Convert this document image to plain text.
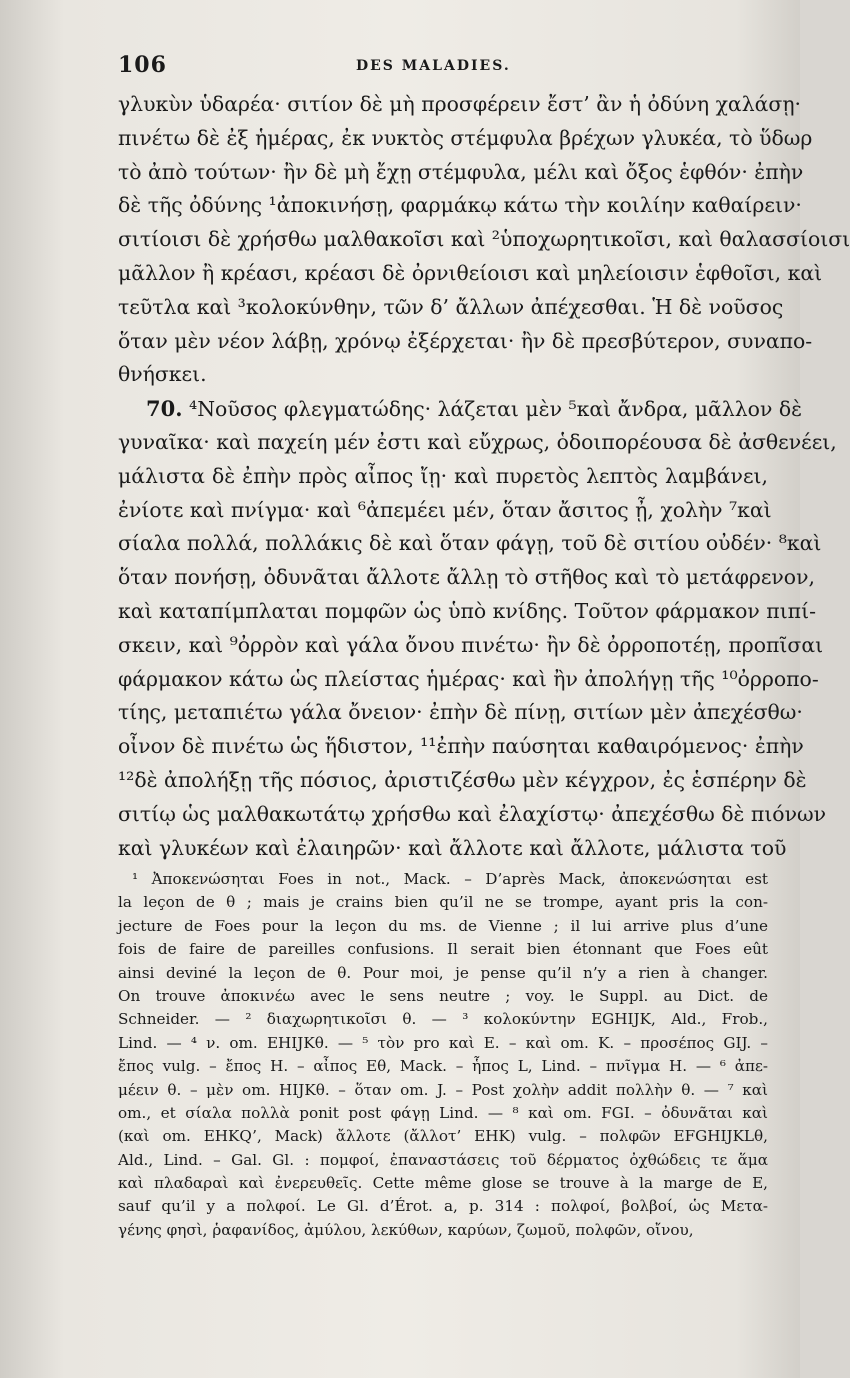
106	DES MALADIES.
γλυκὺν ὑδαρέα· σιτίον δὲ μὴ προσφέρειν ἔστ’ ἂν ἡ ὀδύνη χαλάσῃ·
πινέτω δὲ ἐξ ἡμέρας, ἐκ νυκτὸς στέμφυλα βρέχων γλυκέα, τὸ ὕδωρ
τὸ ἀπὸ τούτων· ἢν δὲ μὴ ἔχῃ στέμφυλα, μέλι καὶ ὄξος ἑφθόν· ἐπὴν
δὲ τῆς ὀδύνης ¹ἀποκινήσῃ, φαρμάκῳ κάτω τὴν κοιλίην καθαίρειν·
σιτίοισι δὲ χρήσθω μαλθακοῖσι καὶ ²ὑποχωρητικοῖσι, καὶ θαλασσίοισι
μᾶλλον ἢ κρέασι, κρέασι δὲ ὀρνιθείοισι καὶ μηλείοισιν ἑφθοῖσι, καὶ
τεῦτλα καὶ ³κολοκύνθην, τῶν δ’ ἄλλων ἀπέχεσθαι. Ἡ δὲ νοῦσος
ὅταν μὲν νέον λάβῃ, χρόνῳ ἐξέρχεται· ἢν δὲ πρεσβύτερον, συναπο-
θνήσκει.
70. ⁴Νοῦσος φλεγματώδης· λάζεται μὲν ⁵καὶ ἄνδρα, μᾶλλον δὲ
γυναῖκα· καὶ παχείη μέν ἐστι καὶ εὔχρως, ὁδοιπορέουσα δὲ ἀσθενέει,
μάλιστα δὲ ἐπὴν πρὸς αἶπος ἴῃ· καὶ πυρετὸς λεπτὸς λαμβάνει,
ἐνίοτε καὶ πνίγμα· καὶ ⁶ἀπεμέει μέν, ὅταν ἄσιτος ᾖ, χολὴν ⁷καὶ
σίαλα πολλά, πολλάκις δὲ καὶ ὅταν φάγῃ, τοῦ δὲ σιτίου οὐδέν· ⁸καὶ
ὅταν πονήσῃ, ὀδυνᾶται ἄλλοτε ἄλλῃ τὸ στῆθος καὶ τὸ μετάφρενον,
καὶ καταπίμπλαται πομφῶν ὡς ὑπὸ κνίδης. Τοῦτον φάρμακον πιπί-
σκειν, καὶ ⁹ὀρρὸν καὶ γάλα ὄνου πινέτω· ἢν δὲ ὀρροποτέῃ, προπῖσαι
φάρμακον κάτω ὡς πλείστας ἡμέρας· καὶ ἢν ἀπολήγῃ τῆς ¹⁰ὀρροπο-
τίης, μεταπιέτω γάλα ὄνειον· ἐπὴν δὲ πίνῃ, σιτίων μὲν ἀπεχέσθω·
οἶνον δὲ πινέτω ὡς ἥδιστον, ¹¹ἐπὴν παύσηται καθαιρόμενος· ἐπὴν
¹²δὲ ἀπολήξῃ τῆς πόσιος, ἀριστιζέσθω μὲν κέγχρον, ἐς ἑσπέρην δὲ
σιτίῳ ὡς μαλθακωτάτῳ χρήσθω καὶ ἐλαχίστῳ· ἀπεχέσθω δὲ πιόνων
καὶ γλυκέων καὶ ἐλαιηρῶν· καὶ ἄλλοτε καὶ ἄλλοτε, μάλιστα τοῦ
¹ Ἀποκενώσηται Foes in not., Mack. – D’après Mack, ἀποκενώσηται est
la leçon de θ ; mais je crains bien qu’il ne se trompe, ayant pris la con-
jecture de Foes pour la leçon du ms. de Vienne ; il lui arrive plus d’une
fois de faire de pareilles confusions. Il serait bien étonnant que Foes eût
ainsi deviné la leçon de θ. Pour moi, je pense qu’il n’y a rien à changer.
On trouve ἀποκινέω avec le sens neutre ; voy. le Suppl. au Dict. de
Schneider. — ² διαχωρητικοῖσι θ. — ³ κολοκύντην EGHIJK, Ald., Frob.,
Lind. — ⁴ ν. om. EHIJKθ. — ⁵ τὸν pro καὶ E. – καὶ om. K. – προσέπος GIJ. –
ἔπος vulg. – ἔπος H. – αἶπος Eθ, Mack. – ἧπος L, Lind. – πνῖγμα H. — ⁶ ἀπε-
μέειν θ. – μὲν om. HIJKθ. – ὅταν om. J. – Post χολὴν addit πολλὴν θ. — ⁷ καὶ
om., et σίαλα πολλὰ ponit post φάγῃ Lind. — ⁸ καὶ om. FGI. – ὀδυνᾶται καὶ
(καὶ om. EHKQ’, Mack) ἄλλοτε (ἄλλοτ’ EHK) vulg. – πολφῶν EFGHIJKLθ,
Ald., Lind. – Gal. Gl. : πομφοί, ἐπαναστάσεις τοῦ δέρματος ὀχθώδεις τε ἅμα
καὶ πλαδαραὶ καὶ ἐνερευθεῖς. Cette même glose se trouve à la marge de E,
sauf qu’il y a πολφοί. Le Gl. d’Érot. a, p. 314 : πολφοί, βολβοί, ὡς Μετα-
γένης φησὶ, ῥαφανίδος, ἀμύλου, λεκύθων, καρύων, ζωμοῦ, πολφῶν, οἴνου,
